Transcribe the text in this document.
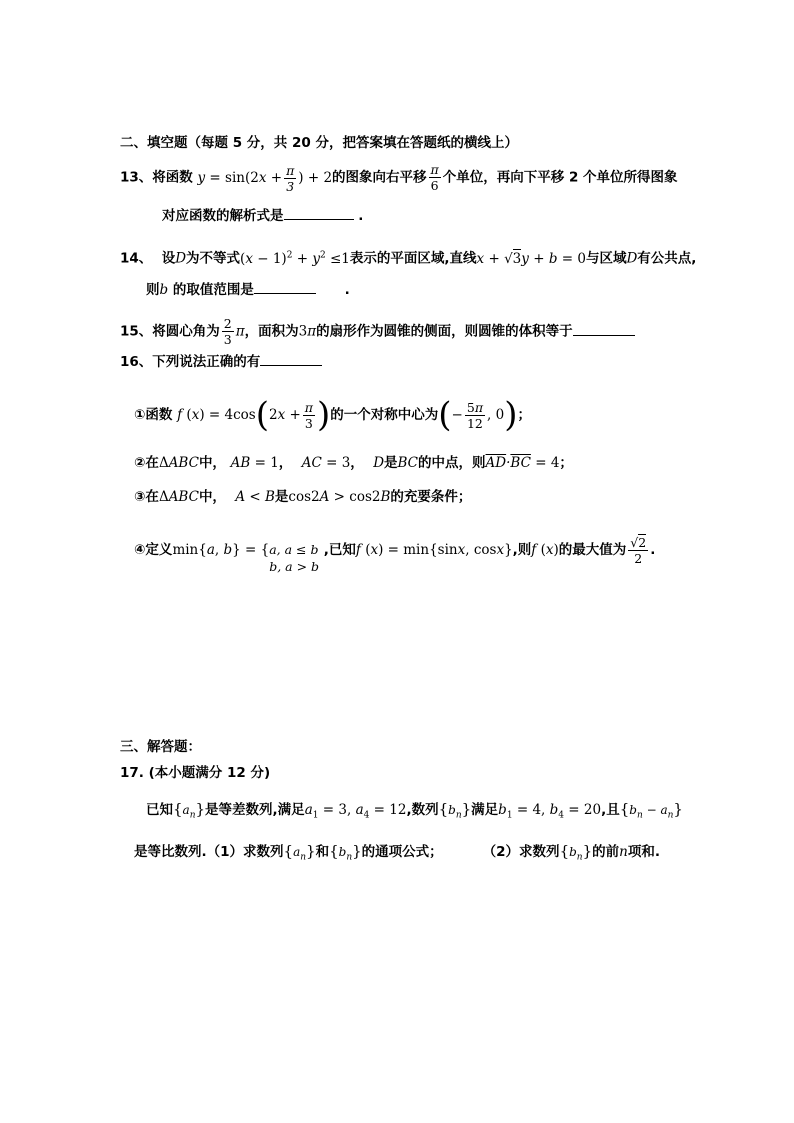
二、填空题（每题 5 分，共 20 分，把答案填在答题纸的横线上）
13、将函数 $y = \sin(2x + \frac{\pi}{3}$ ) + 2的图象向右平移 $\frac{\pi}{6}$ 个单位，再向下平移 2 个单位所得图象
对应函数的解析式是	.
14、 设D为不等式$(x - 1)^2 + y^2 \le 1$表示的平面区域,直线x + √3y + b = 0与区域D有公共点,
则b 的取值范围是	.
15、将圆心角为 $\frac{2}{3}$ π，面积为3π的扇形作为圆锥的侧面，则圆锥的体积等于
16、下列说法正确的有
①函数 f $(x) = 4\cos(2x + \frac{\pi}{3}$ )的一个对称中心为(− $\frac{5\pi}{12}$ , 0)；
②在ΔABC中， AB = 1， AC = 3， D是BC的中点，则$\overline{AD}\cdot\overline{BC} = 4$；
③在ΔABC中， A < B是cos2A > cos2B的充要条件；
④定义min{a, b} = { a, a ≤ b
b, a > b
,已知f (x) = min{sinx, cosx},则f (x)的最大值为 $\frac{√2}{2}$ .
三、解答题：
17. (本小题满分 12 分)
已知$\{a_n\}$是等差数列,满足$a_1 = 3$, $a_4 = 12$,数列$\{b_n\}$满足$b_1 = 4$, $b_4 = 20$,且$\{b_n - a_n\}$
是等比数列.（1）求数列$\{a_n\}$和$\{b_n\}$的通项公式；	（2）求数列$\{b_n\}$的前n项和.
